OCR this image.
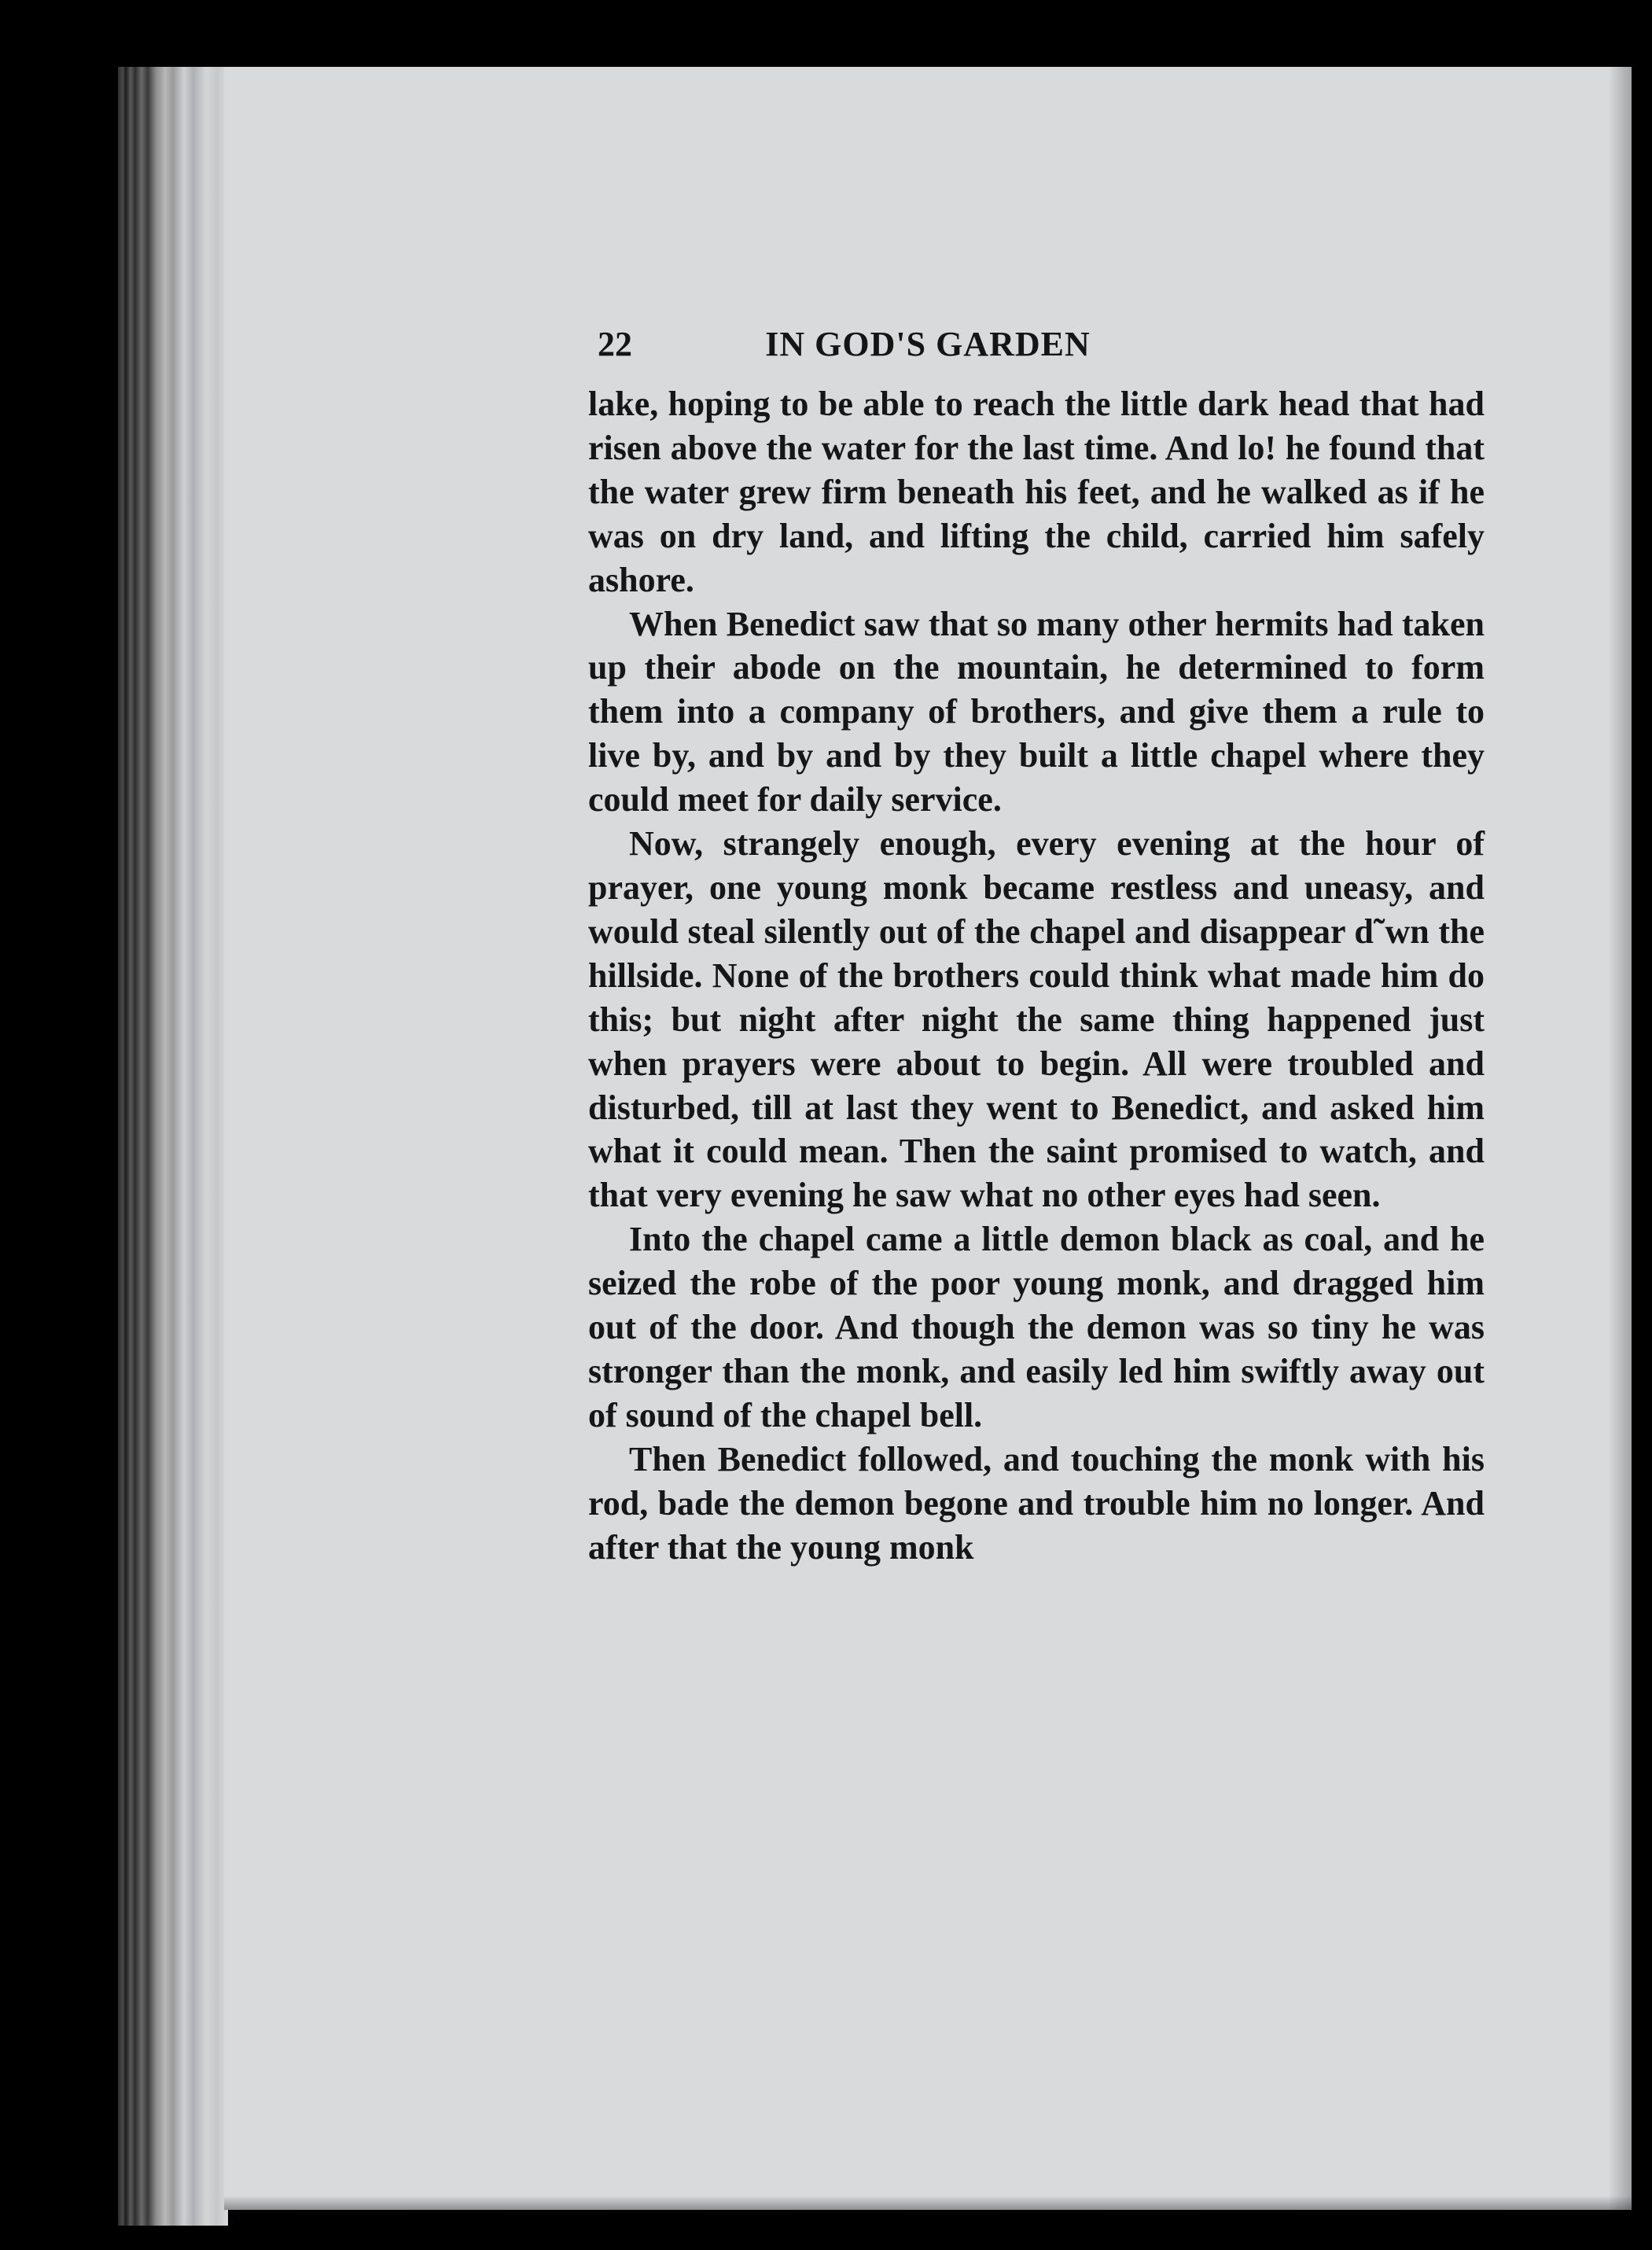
22	IN GOD'S GARDEN

lake, hoping to be able to reach the little dark head that had risen above the water for the last time. And lo! he found that the water grew firm beneath his feet, and he walked as if he was on dry land, and lifting the child, carried him safely ashore.

When Benedict saw that so many other hermits had taken up their abode on the mountain, he determined to form them into a company of brothers, and give them a rule to live by, and by and by they built a little chapel where they could meet for daily service.

Now, strangely enough, every evening at the hour of prayer, one young monk became restless and uneasy, and would steal silently out of the chapel and disappear d˜wn the hillside. None of the brothers could think what made him do this; but night after night the same thing happened just when prayers were about to begin. All were troubled and disturbed, till at last they went to Benedict, and asked him what it could mean. Then the saint promised to watch, and that very evening he saw what no other eyes had seen.

Into the chapel came a little demon black as coal, and he seized the robe of the poor young monk, and dragged him out of the door. And though the demon was so tiny he was stronger than the monk, and easily led him swiftly away out of sound of the chapel bell.

Then Benedict followed, and touching the monk with his rod, bade the demon begone and trouble him no longer. And after that the young monk
